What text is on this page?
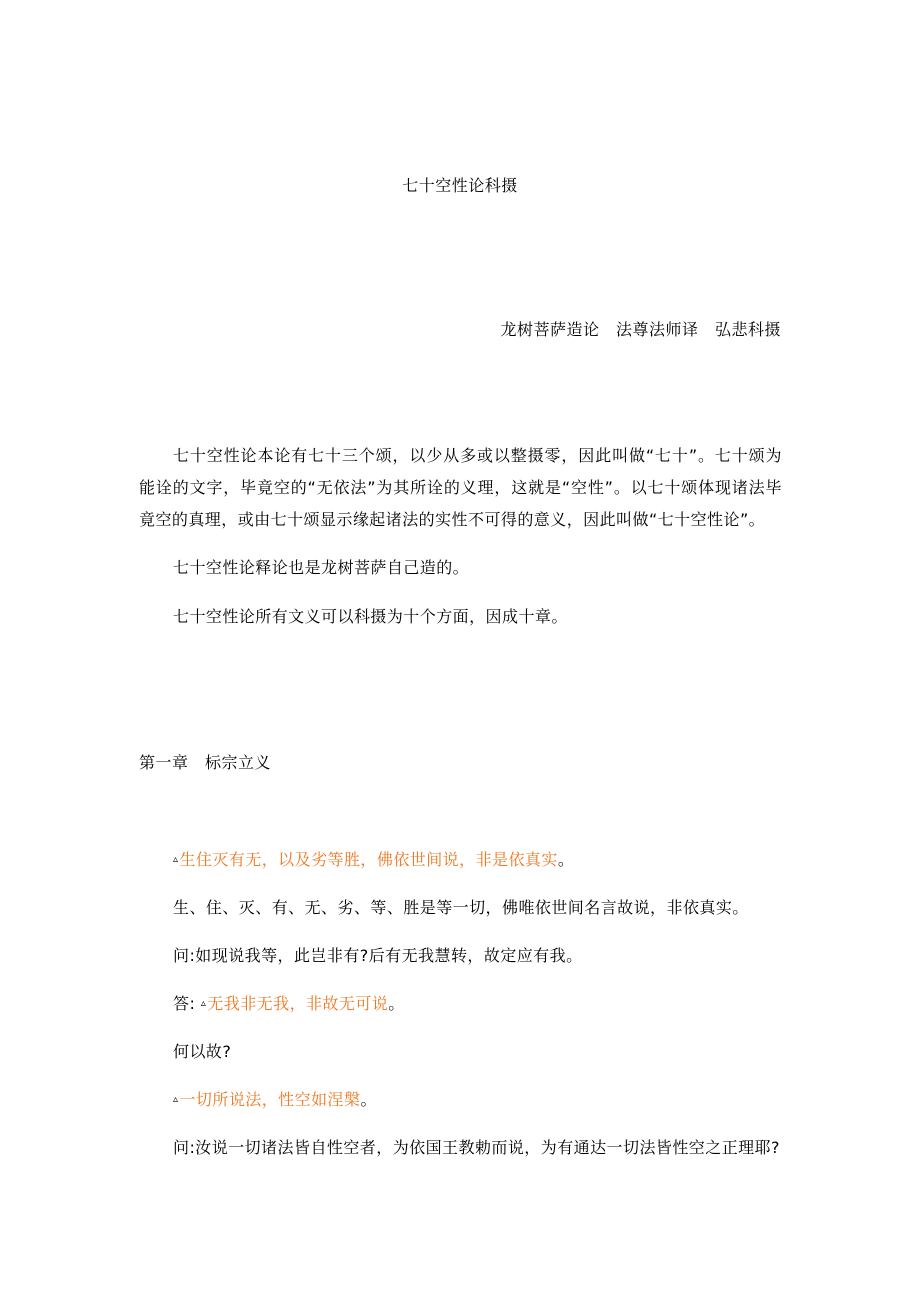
七十空性论科摄
龙树菩萨造论　法尊法师译　弘悲科摄

七十空性论本论有七十三个颂，以少从多或以整摄零，因此叫做“七十”。七十颂为能诠的文字，毕竟空的“无依法”为其所诠的义理，这就是“空性”。以七十颂体现诸法毕竟空的真理，或由七十颂显示缘起诸法的实性不可得的意义，因此叫做“七十空性论”。

七十空性论释论也是龙树菩萨自己造的。

七十空性论所有文义可以科摄为十个方面，因成十章。

第一章　标宗立义
▵生住灭有无，以及劣等胜，佛依世间说，非是依真实。
生、住、灭、有、无、劣、等、胜是等一切，佛唯依世间名言故说，非依真实。
问:如现说我等，此岂非有?后有无我慧转，故定应有我。
答: ▵无我非无我，非故无可说。
何以故?
▵一切所说法，性空如涅槃。
问:汝说一切诸法皆自性空者，为依国王教勅而说，为有通达一切法皆性空之正理耶?
